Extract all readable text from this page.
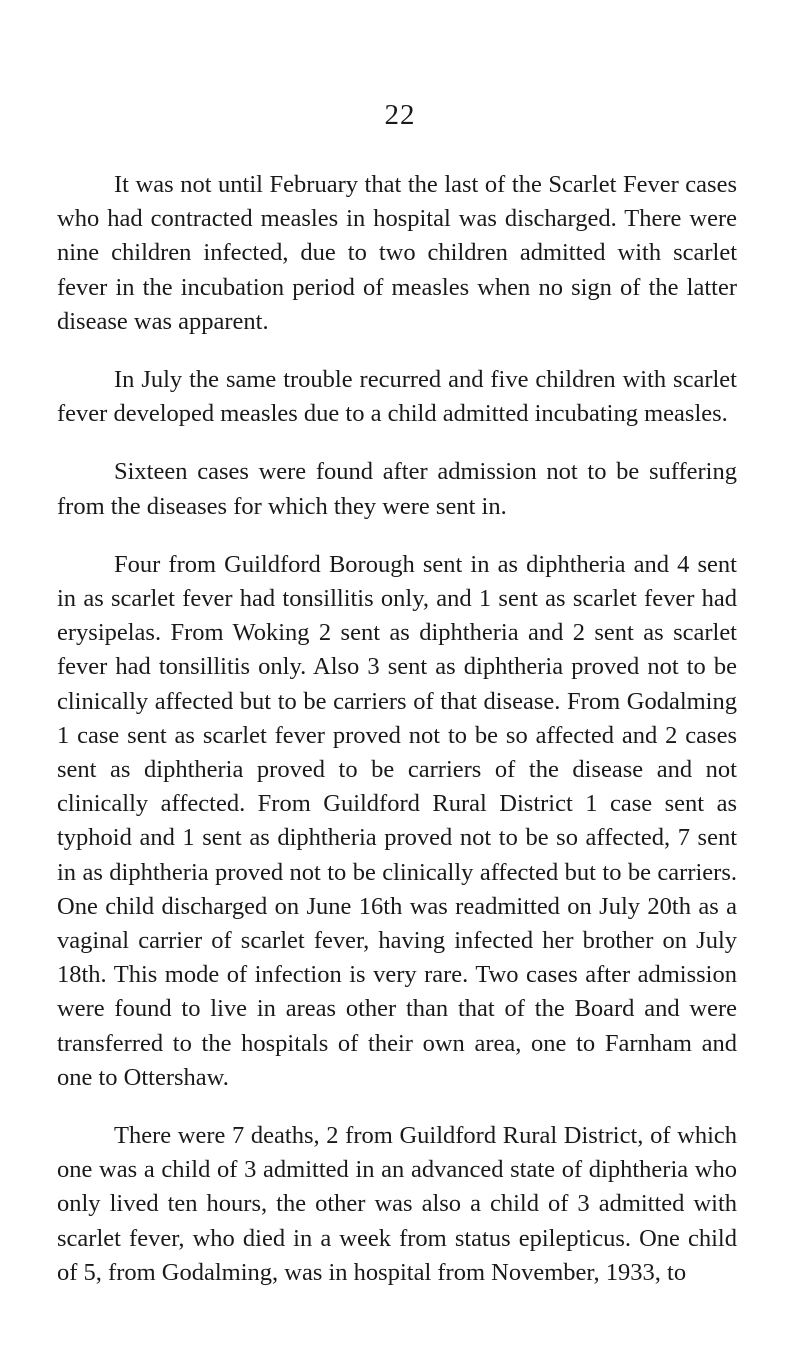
22

It was not until February that the last of the Scarlet Fever cases who had contracted measles in hospital was discharged. There were nine children infected, due to two children admitted with scarlet fever in the incubation period of measles when no sign of the latter disease was apparent.

In July the same trouble recurred and five children with scarlet fever developed measles due to a child admitted incubating measles.

Sixteen cases were found after admission not to be suffering from the diseases for which they were sent in.

Four from Guildford Borough sent in as diphtheria and 4 sent in as scarlet fever had tonsillitis only, and 1 sent as scarlet fever had erysipelas. From Woking 2 sent as diphtheria and 2 sent as scarlet fever had tonsillitis only. Also 3 sent as diphtheria proved not to be clinically affected but to be carriers of that disease. From Godalming 1 case sent as scarlet fever proved not to be so affected and 2 cases sent as diphtheria proved to be carriers of the disease and not clinically affected. From Guildford Rural District 1 case sent as typhoid and 1 sent as diphtheria proved not to be so affected, 7 sent in as diphtheria proved not to be clinically affected but to be carriers. One child discharged on June 16th was readmitted on July 20th as a vaginal carrier of scarlet fever, having infected her brother on July 18th. This mode of infection is very rare. Two cases after admission were found to live in areas other than that of the Board and were transferred to the hospitals of their own area, one to Farnham and one to Ottershaw.

There were 7 deaths, 2 from Guildford Rural District, of which one was a child of 3 admitted in an advanced state of diphtheria who only lived ten hours, the other was also a child of 3 admitted with scarlet fever, who died in a week from status epilepticus. One child of 5, from Godalming, was in hospital from November, 1933, to
